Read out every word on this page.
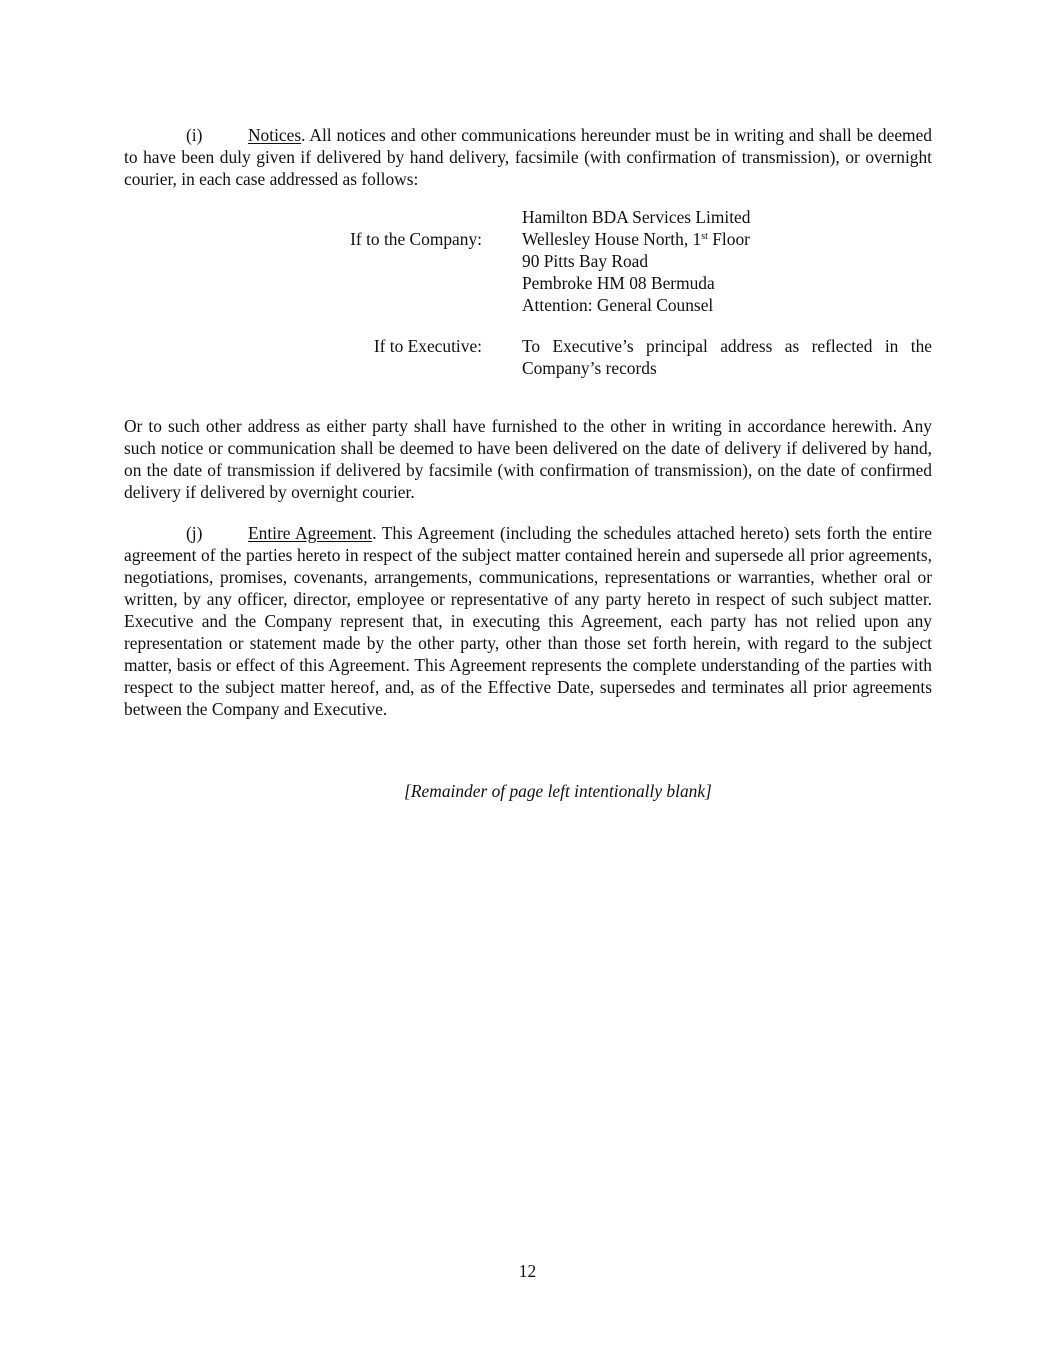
(i)	Notices. All notices and other communications hereunder must be in writing and shall be deemed to have been duly given if delivered by hand delivery, facsimile (with confirmation of transmission), or overnight courier, in each case addressed as follows:

If to the Company:
Hamilton BDA Services Limited
Wellesley House North, 1st Floor
90 Pitts Bay Road
Pembroke HM 08 Bermuda
Attention: General Counsel
If to Executive: To Executive’s principal address as reflected in the Company’s records

Or to such other address as either party shall have furnished to the other in writing in accordance herewith. Any such notice or communication shall be deemed to have been delivered on the date of delivery if delivered by hand, on the date of transmission if delivered by facsimile (with confirmation of transmission), on the date of confirmed delivery if delivered by overnight courier.

(j)	Entire Agreement. This Agreement (including the schedules attached hereto) sets forth the entire agreement of the parties hereto in respect of the subject matter contained herein and supersede all prior agreements, negotiations, promises, covenants, arrangements, communications, representations or warranties, whether oral or written, by any officer, director, employee or representative of any party hereto in respect of such subject matter. Executive and the Company represent that, in executing this Agreement, each party has not relied upon any representation or statement made by the other party, other than those set forth herein, with regard to the subject matter, basis or effect of this Agreement. This Agreement represents the complete understanding of the parties with respect to the subject matter hereof, and, as of the Effective Date, supersedes and terminates all prior agreements between the Company and Executive.

[Remainder of page left intentionally blank]
12
